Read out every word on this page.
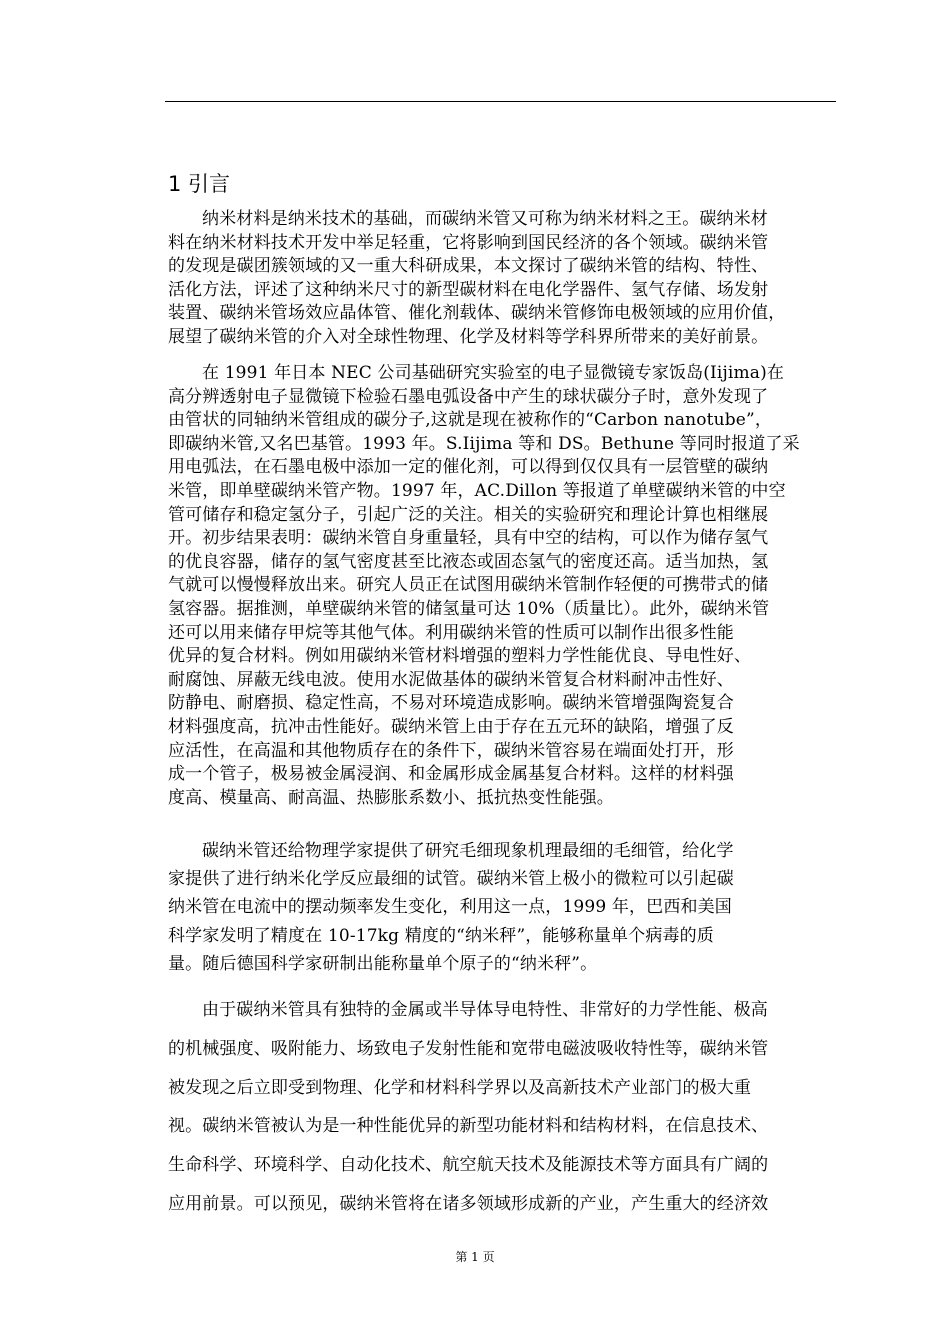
1 引言
纳米材料是纳米技术的基础，而碳纳米管又可称为纳米材料之王。碳纳米材
料在纳米材料技术开发中举足轻重，它将影响到国民经济的各个领域。碳纳米管
的发现是碳团簇领域的又一重大科研成果，本文探讨了碳纳米管的结构、特性、
活化方法，评述了这种纳米尺寸的新型碳材料在电化学器件、氢气存储、场发射
装置、碳纳米管场效应晶体管、催化剂载体、碳纳米管修饰电极领域的应用价值，
展望了碳纳米管的介入对全球性物理、化学及材料等学科界所带来的美好前景。
在 1991 年日本 NEC 公司基础研究实验室的电子显微镜专家饭岛(Iijima)在
高分辨透射电子显微镜下检验石墨电弧设备中产生的球状碳分子时，意外发现了
由管状的同轴纳米管组成的碳分子,这就是现在被称作的“Carbon nanotube”，
即碳纳米管,又名巴基管。1993 年。S.Iijima 等和 DS。Bethune 等同时报道了采
用电弧法，在石墨电极中添加一定的催化剂，可以得到仅仅具有一层管壁的碳纳
米管，即单壁碳纳米管产物。1997 年，AC.Dillon 等报道了单壁碳纳米管的中空
管可储存和稳定氢分子，引起广泛的关注。相关的实验研究和理论计算也相继展
开。初步结果表明：碳纳米管自身重量轻，具有中空的结构，可以作为储存氢气
的优良容器，储存的氢气密度甚至比液态或固态氢气的密度还高。适当加热，氢
气就可以慢慢释放出来。研究人员正在试图用碳纳米管制作轻便的可携带式的储
氢容器。据推测，单壁碳纳米管的储氢量可达 10%（质量比）。此外，碳纳米管
还可以用来储存甲烷等其他气体。利用碳纳米管的性质可以制作出很多性能
优异的复合材料。例如用碳纳米管材料增强的塑料力学性能优良、导电性好、
耐腐蚀、屏蔽无线电波。使用水泥做基体的碳纳米管复合材料耐冲击性好、
防静电、耐磨损、稳定性高，不易对环境造成影响。碳纳米管增强陶瓷复合
材料强度高，抗冲击性能好。碳纳米管上由于存在五元环的缺陷，增强了反
应活性，在高温和其他物质存在的条件下，碳纳米管容易在端面处打开，形
成一个管子，极易被金属浸润、和金属形成金属基复合材料。这样的材料强
度高、模量高、耐高温、热膨胀系数小、抵抗热变性能强。
碳纳米管还给物理学家提供了研究毛细现象机理最细的毛细管，给化学
家提供了进行纳米化学反应最细的试管。碳纳米管上极小的微粒可以引起碳
纳米管在电流中的摆动频率发生变化，利用这一点，1999 年，巴西和美国
科学家发明了精度在 10-17kg 精度的“纳米秤”，能够称量单个病毒的质
量。随后德国科学家研制出能称量单个原子的“纳米秤”。
由于碳纳米管具有独特的金属或半导体导电特性、非常好的力学性能、极高
的机械强度、吸附能力、场致电子发射性能和宽带电磁波吸收特性等，碳纳米管
被发现之后立即受到物理、化学和材料科学界以及高新技术产业部门的极大重
视。碳纳米管被认为是一种性能优异的新型功能材料和结构材料，在信息技术、
生命科学、环境科学、自动化技术、航空航天技术及能源技术等方面具有广阔的
应用前景。可以预见，碳纳米管将在诸多领域形成新的产业，产生重大的经济效
第 1 页
